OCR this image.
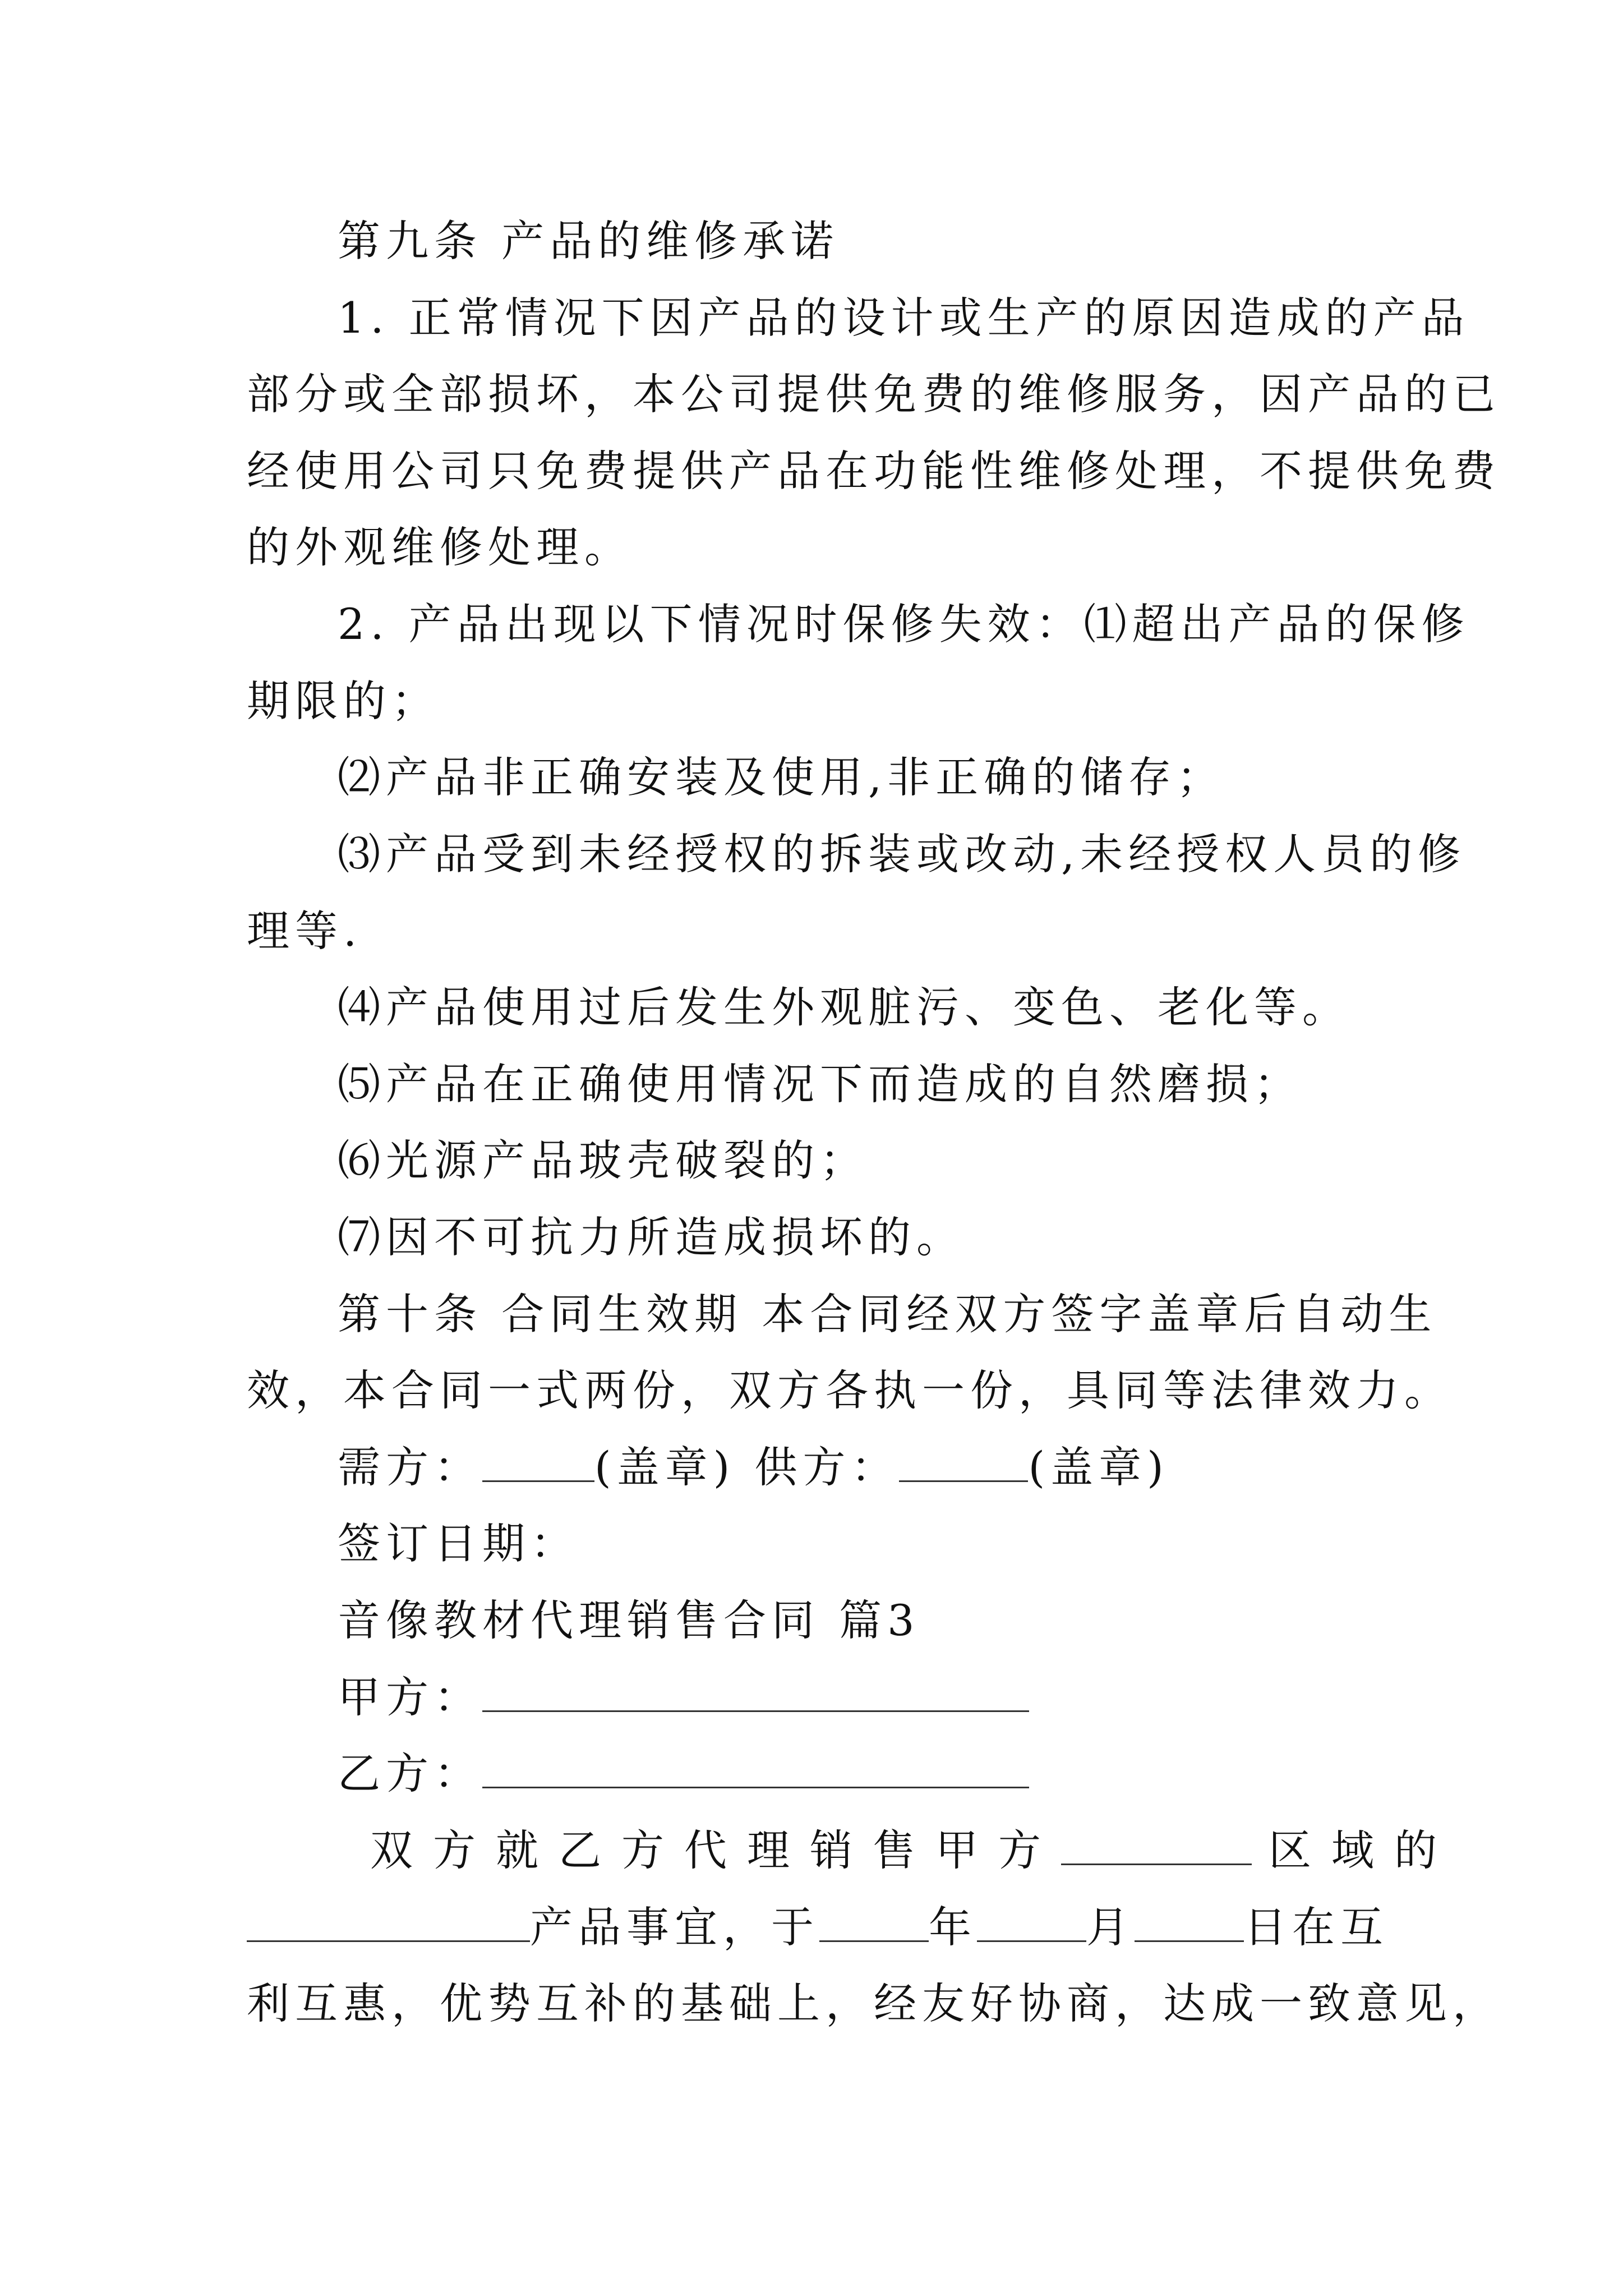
第九条 产品的维修承诺
1. 正常情况下因产品的设计或生产的原因造成的产品
部分或全部损坏，本公司提供免费的维修服务，因产品的已
经使用公司只免费提供产品在功能性维修处理，不提供免费
的外观维修处理。
2. 产品出现以下情况时保修失效：⑴超出产品的保修
期限的；
⑵产品非正确安装及使用,非正确的储存；
⑶产品受到未经授权的拆装或改动,未经授权人员的修
理等.
⑷产品使用过后发生外观脏污、变色、老化等。
⑸产品在正确使用情况下而造成的自然磨损；
⑹光源产品玻壳破裂的；
⑺因不可抗力所造成损坏的。
第十条 合同生效期 本合同经双方签字盖章后自动生
效，本合同一式两份，双方各执一份，具同等法律效力。
需方：	(盖章) 供方：	(盖章)
签订日期：
音像教材代理销售合同 篇3
甲方：
乙方：
双方就乙方代理销售甲方	区域的
产品事宜，于	年	月	日在互
利互惠，优势互补的基础上，经友好协商，达成一致意见，
